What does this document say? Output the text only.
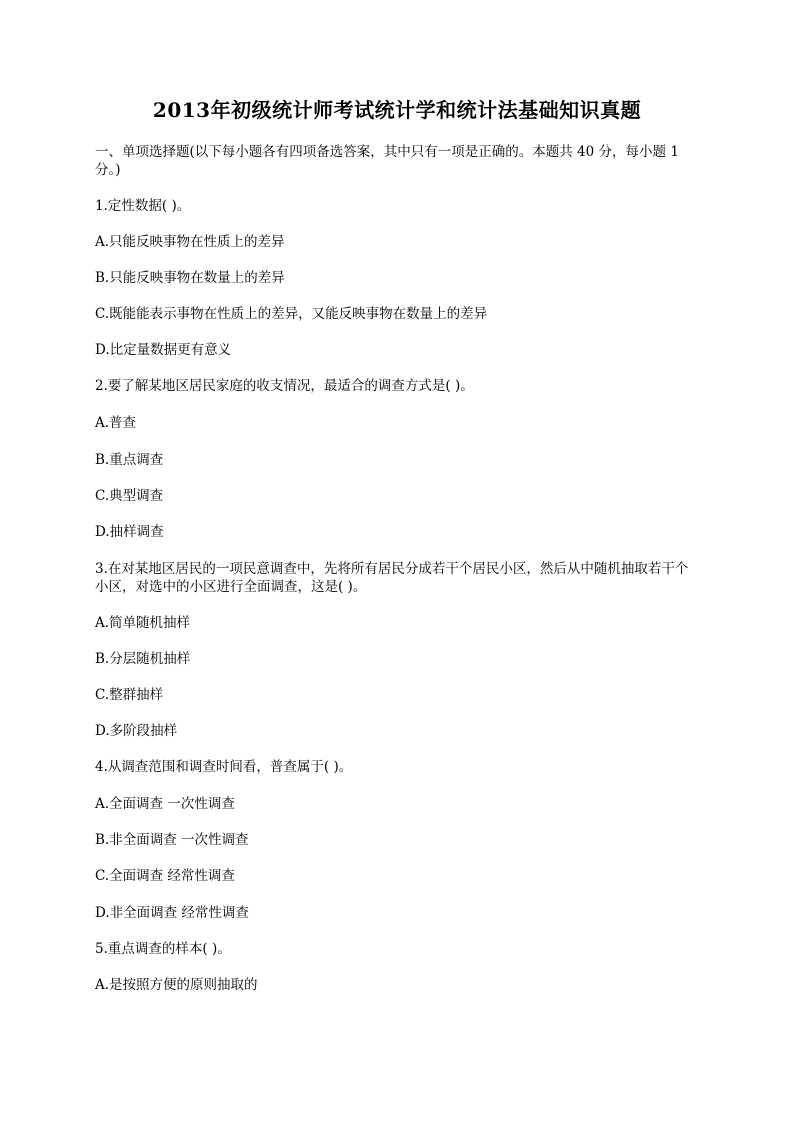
2013年初级统计师考试统计学和统计法基础知识真题
一、单项选择题(以下每小题各有四项备选答案，其中只有一项是正确的。本题共 40 分，每小题 1 分。)
1.定性数据( )。
A.只能反映事物在性质上的差异
B.只能反映事物在数量上的差异
C.既能能表示事物在性质上的差异，又能反映事物在数量上的差异
D.比定量数据更有意义
2.要了解某地区居民家庭的收支情况，最适合的调查方式是( )。
A.普查
B.重点调查
C.典型调查
D.抽样调查
3.在对某地区居民的一项民意调查中，先将所有居民分成若干个居民小区，然后从中随机抽取若干个小区，对选中的小区进行全面调查，这是( )。
A.简单随机抽样
B.分层随机抽样
C.整群抽样
D.多阶段抽样
4.从调查范围和调查时间看，普查属于( )。
A.全面调查 一次性调查
B.非全面调查 一次性调查
C.全面调查 经常性调查
D.非全面调查 经常性调查
5.重点调查的样本( )。
A.是按照方便的原则抽取的
